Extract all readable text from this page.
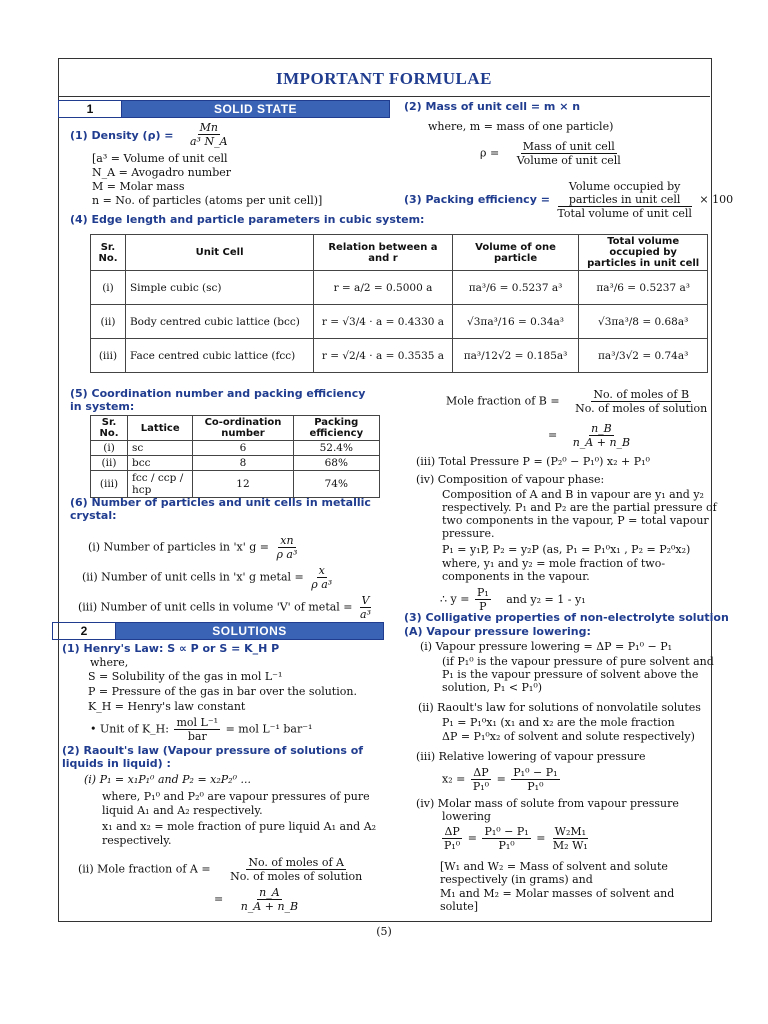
IMPORTANT FORMULAE
1	SOLID STATE
(1) Density $(\rho) = \frac{Mn}{\text{a³ N\_A}}$
[a³ = Volume of unit cell
N_A = Avogadro number
M = Molar mass
n = No. of particles (atoms per unit cell)]
(4) Edge length and particle parameters in cubic system:
Sr. No.	Unit Cell	Relation between a and r	Volume of one particle	Total volume occupied by particles in unit cell
(i)	Simple cubic (sc)	r = a/2 = 0.5000 a	πa³/6 = 0.5237 a³	πa³/6 = 0.5237 a³
(ii)	Body centred cubic lattice (bcc)	r = √3/4 · a = 0.4330 a	√3πa³/16 = 0.34a³	√3πa³/8 = 0.68a³
(iii)	Face centred cubic lattice (fcc)	r = √2/4 · a = 0.3535 a	πa³/12√2 = 0.185a³	πa³/3√2 = 0.74a³
(5) Coordination number and packing efficiency in system:
Sr. No.	Lattice	Co-ordination number	Packing efficiency
(i)	sc	6	52.4%
(ii)	bcc	8	68%
(iii)	fcc / ccp / hcp	12	74%
(6) Number of particles and unit cells in metallic crystal:
(i) Number of particles in 'x' $g = \frac{xn}{\text{ρ a³}}$
(ii) Number of unit cells in 'x' g metal = $\frac{x}{\text{ρ a³}}$
(iii) Number of unit cells in volume 'V' of metal = $\frac{V}{\text{a³}}$
2	SOLUTIONS
(1) Henry's Law: S ∝ P or S = K_H P
where,
S = Solubility of the gas in mol L⁻¹
P = Pressure of the gas in bar over the solution.
K_H = Henry's law constant
• Unit of K_H: $\frac{\text{mol L⁻¹}}{\text{bar}}$ = mol L⁻¹ bar⁻¹
(2) Raoult's law (Vapour pressure of solutions of liquids in liquid) :
(i) P₁ = x₁P₁⁰ and P₂ = x₂P₂⁰ ...
where, P₁⁰ and P₂⁰ are vapour pressures of pure
liquid A₁ and A₂ respectively.
x₁ and x₂ = mole fraction of pure liquid A₁ and A₂
respectively.
(ii) Mole fraction of $A = \frac{\text{No. of moles of A}}{\text{No. of moles of solution}}$
= $\frac{n\_A}{n\_A + n\_B}$
(2) Mass of unit cell = m × n
where, m = mass of one particle)
$\rho = \frac{\text{Mass of unit cell}}{\text{Volume of unit cell}}$
(3) Packing efficiency = $\frac{\text{Volume occupied by particles in unit cell}}{\text{Total volume of unit cell}} \times 100$
Mole fraction of $B = \frac{\text{No. of moles of B}}{\text{No. of moles of solution}}$
= $\frac{n\_B}{n\_A + n\_B}$
(iii) Total Pressure P = (P₂⁰ − P₁⁰) x₂ + P₁⁰
(iv) Composition of vapour phase:
Composition of A and B in vapour are y₁ and y₂
respectively. P₁ and P₂ are the partial pressure of
two components in the vapour, P = total vapour
pressure.
P₁ = y₁P, P₂ = y₂P (as, P₁ = P₁⁰x₁ , P₂ = P₂⁰x₂)
where, y₁ and y₂ = mole fraction of two-
components in the vapour.
∴ $y = \frac{\text{P₁}}{P}$ and y₂ = 1 - y₁
(3) Colligative properties of non-electrolyte solution
(A) Vapour pressure lowering:
(i) Vapour pressure lowering = ΔP = P₁⁰ − P₁
(if P₁⁰ is the vapour pressure of pure solvent and
P₁ is the vapour pressure of solvent above the
solution, P₁ < P₁⁰)
(ii) Raoult's law for solutions of nonvolatile solutes
P₁ = P₁⁰x₁ (x₁ and x₂ are the mole fraction
ΔP = P₁⁰x₂ of solvent and solute respectively)
(iii) Relative lowering of vapour pressure
$x_2 = \frac{\Delta P}{\text{P₁⁰}} = \frac{\text{P₁⁰ − P₁}}{\text{P₁⁰}}$
(iv) Molar mass of solute from vapour pressure
lowering
$\frac{\Delta P}{\text{P₁⁰}} = \frac{\text{P₁⁰ − P₁}}{\text{P₁⁰}} = \frac{\text{W₂M₁}}{\text{M₂ W₁}}$
[W₁ and W₂ = Mass of solvent and solute
respectively (in grams) and
M₁ and M₂ = Molar masses of solvent and
solute]
(5)
